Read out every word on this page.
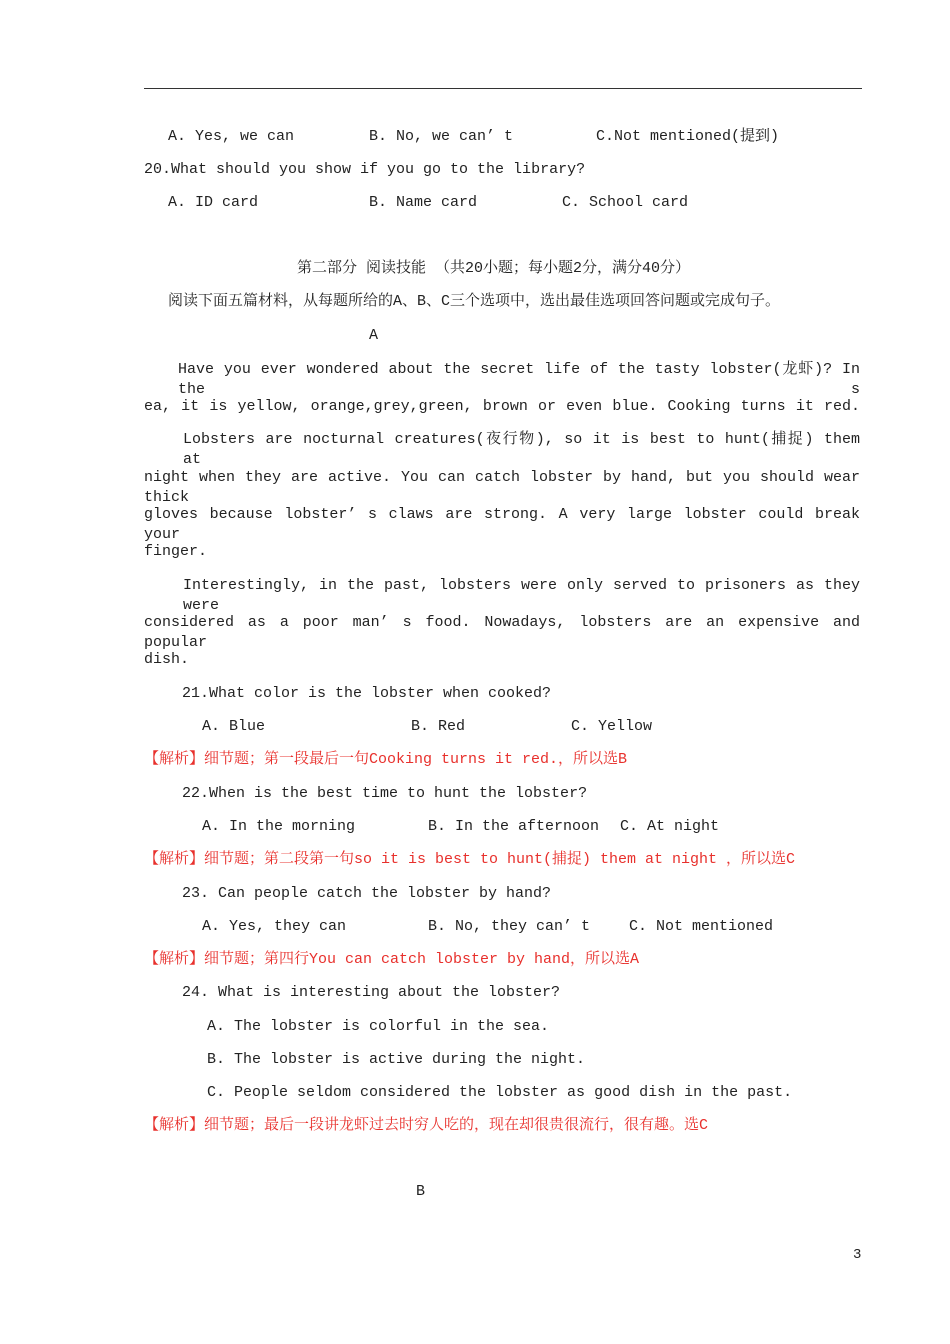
A. Yes, we can	B. No, we can’ t	C.Not mentioned(提到)
20.What should you show if you go to the library?
A. ID card	B. Name card	C. School card
第二部分 阅读技能 （共20小题；每小题2分，满分40分）
阅读下面五篇材料，从每题所给的A、B、C三个选项中，选出最佳选项回答问题或完成句子。
A
Have you ever wondered about the secret life of the tasty lobster(龙虾)? In the s
ea, it is yellow, orange,grey,green, brown or even blue. Cooking turns it red.
Lobsters are nocturnal creatures(夜行物), so it is best to hunt(捕捉) them at
night when they are active. You can catch lobster by hand, but you should wear thick
gloves because lobster’ s claws are strong. A very large lobster could break your
finger.
Interestingly, in the past, lobsters were only served to prisoners as they were
considered as a poor man’ s food. Nowadays, lobsters are an expensive and popular
dish.
21.What color is the lobster when cooked?
A. Blue	B. Red	C. Yellow
【解析】细节题；第一段最后一句Cooking turns it red.，所以选B
22.When is the best time to hunt the lobster?
A. In the morning	B. In the afternoon C. At night
【解析】细节题；第二段第一句so it is best to hunt(捕捉) them at night ，所以选C
23. Can people catch the lobster by hand?
A. Yes, they can	B. No, they can’ t	C. Not mentioned
【解析】细节题；第四行You can catch lobster by hand，所以选A
24. What is interesting about the lobster?
A. The lobster is colorful in the sea.
B. The lobster is active during the night.
C. People seldom considered the lobster as good dish in the past.
【解析】细节题；最后一段讲龙虾过去时穷人吃的，现在却很贵很流行，很有趣。选C
B
3
